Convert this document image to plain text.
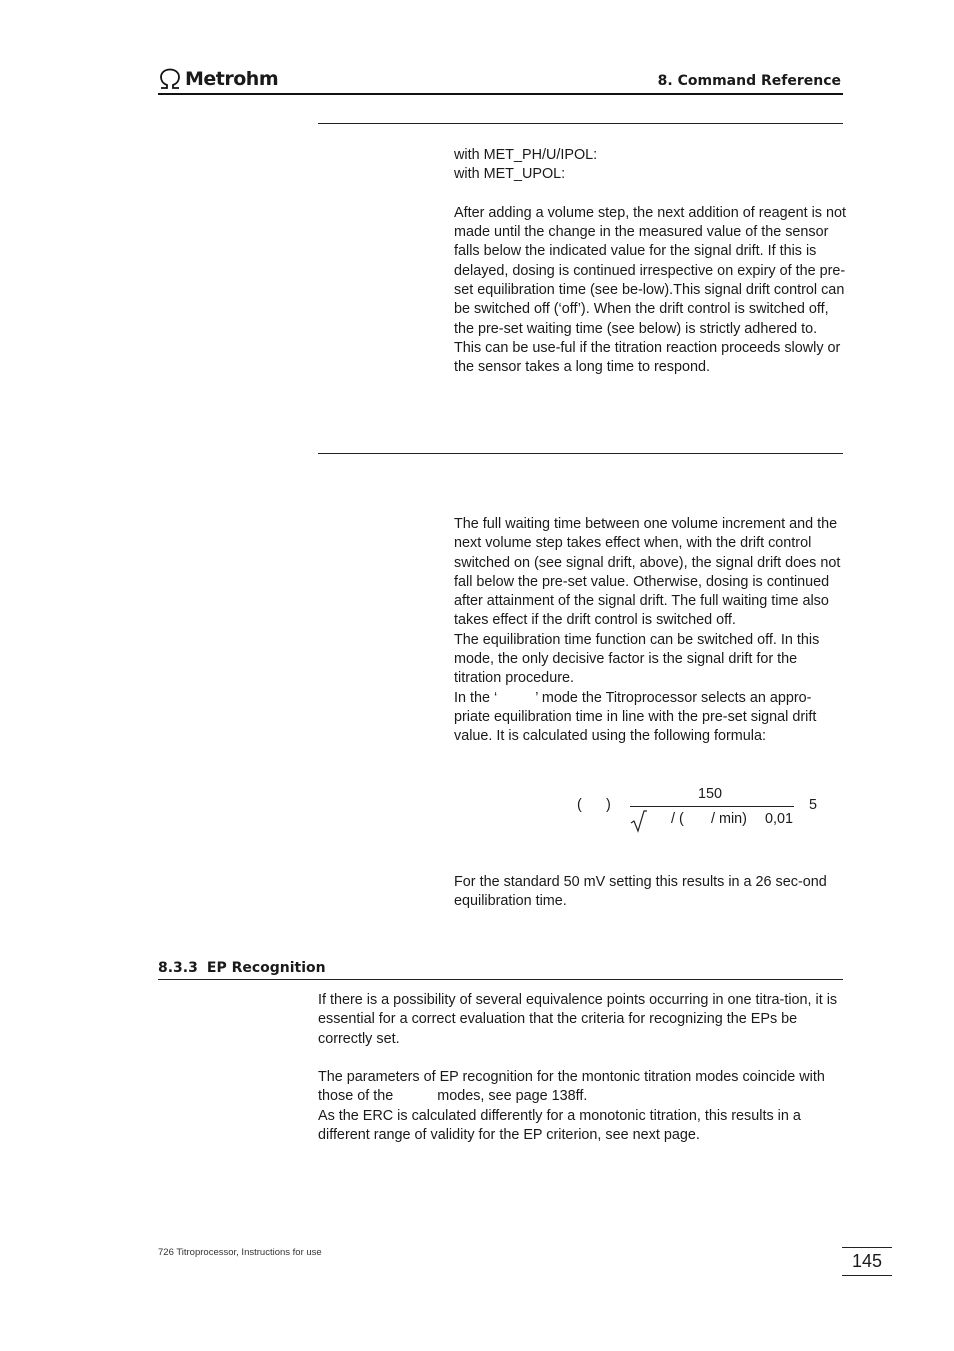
Metrohm	8. Command Reference

with MET_PH/U/IPOL:

with MET_UPOL:

After adding a volume step, the next addition of reagent is not made until the change in the measured value of the sensor falls below the indicated value for the signal drift. If this is delayed, dosing is continued irrespective on expiry of the pre-set equilibration time (see be-low).This signal drift control can be switched off (‘off’). When the drift control is switched off, the pre-set waiting time (see below) is strictly adhered to. This can be use-ful if the titration reaction proceeds slowly or the sensor takes a long time to respond.

The full waiting time between one volume increment and the next volume step takes effect when, with the drift control switched on (see signal drift, above), the signal drift does not fall below the pre-set value. Otherwise, dosing is continued after attainment of the signal drift. The full waiting time also takes effect if the drift control is switched off.

The equilibration time function can be switched off. In this mode, the only decisive factor is the signal drift for the titration procedure.

In the ‘	’ mode the Titroprocessor selects an appro-priate equilibration time in line with the pre-set signal drift value. It is calculated using the following formula:

( )
150
/ ( / min) 0,01
5

For the standard 50 mV setting this results in a 26 sec-ond equilibration time.

8.3.3 EP Recognition

If there is a possibility of several equivalence points occurring in one titra-tion, it is essential for a correct evaluation that the criteria for recognizing the EPs be correctly set.

The parameters of EP recognition for the montonic titration modes coincide with those of the	modes, see page 138ff.

As the ERC is calculated differently for a monotonic titration, this results in a different range of validity for the EP criterion, see next page.

726 Titroprocessor, Instructions for use	145
